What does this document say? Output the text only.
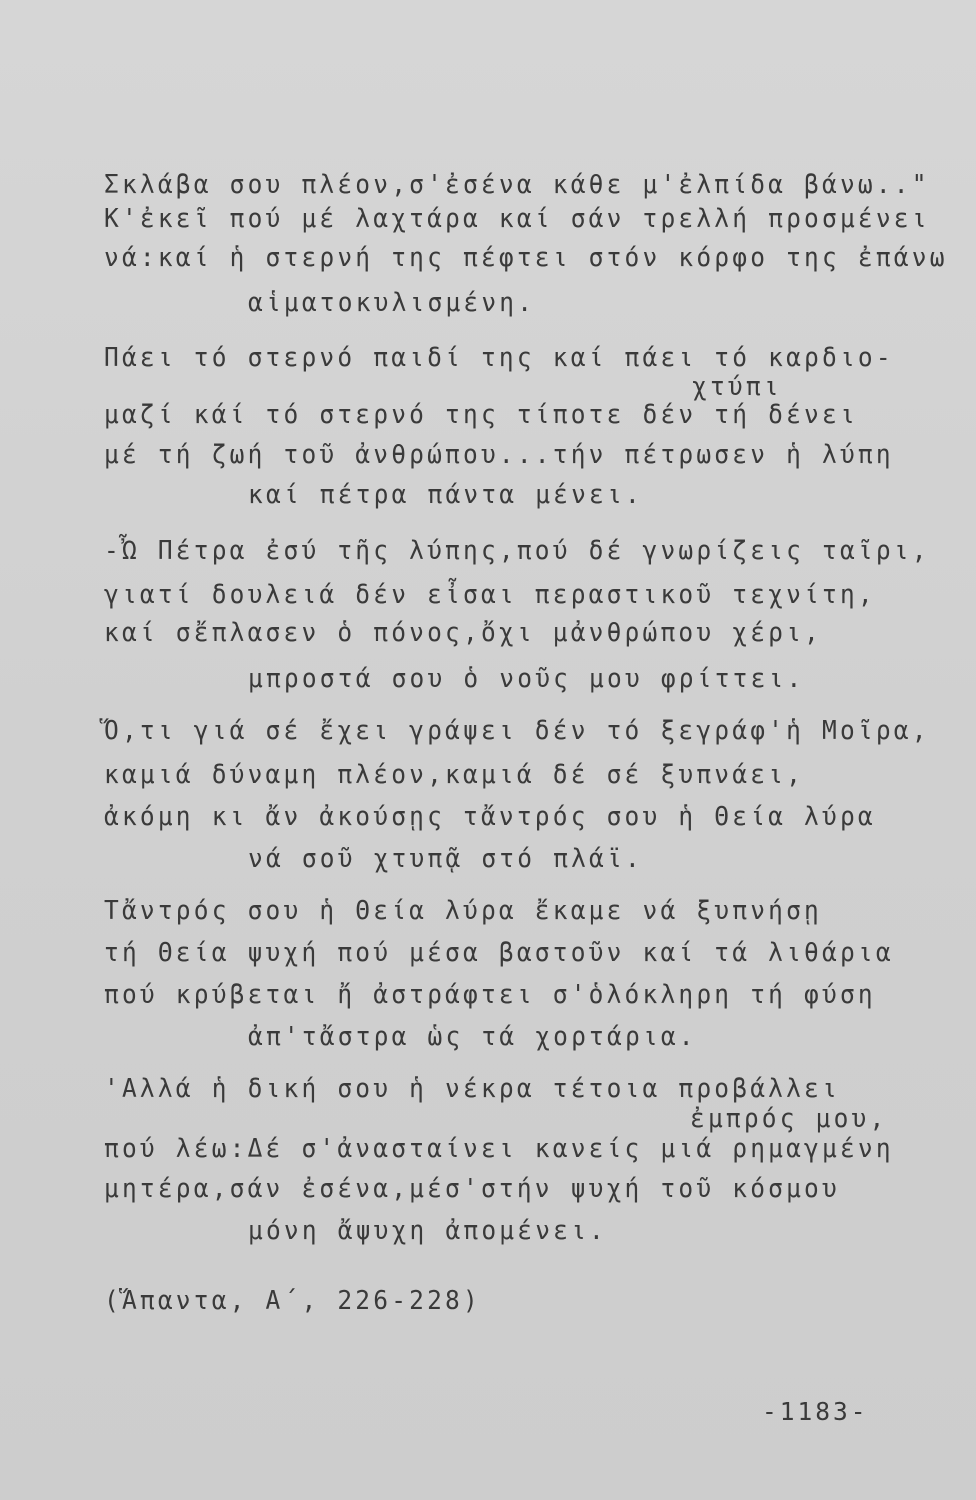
Σκλάβα σου πλέον,σ'ἐσένα κάθε μ'ἐλπίδα βάνω.."
Κ'ἐκεῖ πού μέ λαχτάρα καί σάν τρελλή προσμένει
νά:καί ἡ στερνή της πέφτει στόν κόρφο της ἐπάνω
αἱματοκυλισμένη.
Πάει τό στερνό παιδί της καί πάει τό καρδιο-
χτύπι
μαζί κάί τό στερνό της τίποτε δέν τή δένει
μέ τή ζωή τοῦ ἀνθρώπου...τήν πέτρωσεν ἡ λύπη
καί πέτρα πάντα μένει.
-Ὦ Πέτρα ἐσύ τῆς λύπης,πού δέ γνωρίζεις ταῖρι,
γιατί δουλειά δέν εἶσαι περαστικοῦ τεχνίτη,
καί σἔπλασεν ὁ πόνος,ὄχι μἀνθρώπου χέρι,
μπροστά σου ὁ νοῦς μου φρίττει.
Ὅ,τι γιά σέ ἔχει γράψει δέν τό ξεγράφ'ἡ Μοῖρα,
καμιά δύναμη πλέον,καμιά δέ σέ ξυπνάει,
ἀκόμη κι ἄν ἀκούσῃς τἄντρός σου ἡ Θεία λύρα
νά σοῦ χτυπᾷ στό πλάϊ.
Τἄντρός σου ἡ Θεία λύρα ἔκαμε νά ξυπνήσῃ
τή Θεία ψυχή πού μέσα βαστοῦν καί τά λιθάρια
πού κρύβεται ἤ ἀστράφτει σ'ὁλόκληρη τή φύση
ἀπ'τἄστρα ὡς τά χορτάρια.
'Αλλά ἡ δική σου ἡ νέκρα τέτοια προβάλλει
ἐμπρός μου,
πού λέω:Δέ σ'ἀνασταίνει κανείς μιά ρημαγμένη
μητέρα,σάν ἐσένα,μέσ'στήν ψυχή τοῦ κόσμου
μόνη ἄψυχη ἀπομένει.
(Ἅπαντα, Α΄, 226-228)
-1183-
